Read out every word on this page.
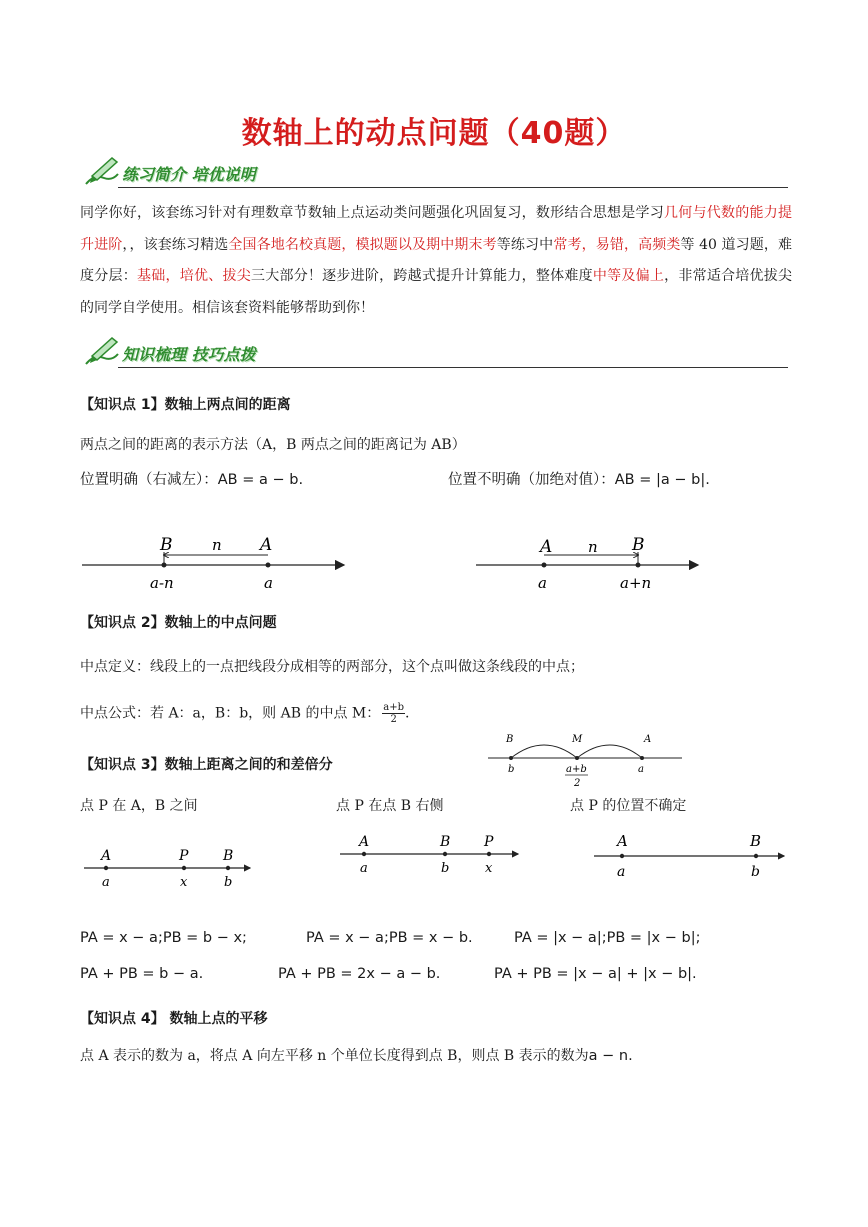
数轴上的动点问题（40题）
练习简介 培优说明
同学你好，该套练习针对有理数章节数轴上点运动类问题强化巩固复习，数形结合思想是学习几何与代数的能力提升进阶，，该套练习精选全国各地名校真题，模拟题以及期中期末考等练习中常考，易错，高频类等 40 道习题，难度分层：基础，培优、拔尖三大部分！逐步进阶，跨越式提升计算能力，整体难度中等及偏上，非常适合培优拔尖的同学自学使用。相信该套资料能够帮助到你！
知识梳理 技巧点拨
【知识点 1】数轴上两点间的距离
两点之间的距离的表示方法（A，B 两点之间的距离记为 AB）
位置明确（右减左）：AB = a − b.	位置不明确（加绝对值）：AB = |a − b|.
B	n A
a-n	a
A n B
a	a+n
【知识点 2】数轴上的中点问题
中点定义：线段上的一点把线段分成相等的两部分，这个点叫做这条线段的中点；
中点公式：若 A：a，B：b，则 AB 的中点 M： $\frac{a+b}{2}$ .
B	M	A
b	a
a+b
2
【知识点 3】数轴上距离之间的和差倍分
点 P 在 A，B 之间	点 P 在点 B 右侧	点 P 的位置不确定
A	P B
a	x	b
A	B P
a	b	x
A	B
a	b
PA = x − a;PB = b − x;	PA = x − a;PB = x − b.	PA = |x − a|;PB = |x − b|;
PA + PB = b − a.	PA + PB = 2x − a − b.	PA + PB = |x − a| + |x − b|.
【知识点 4】 数轴上点的平移
点 A 表示的数为 a，将点 A 向左平移 n 个单位长度得到点 B，则点 B 表示的数为a − n.
